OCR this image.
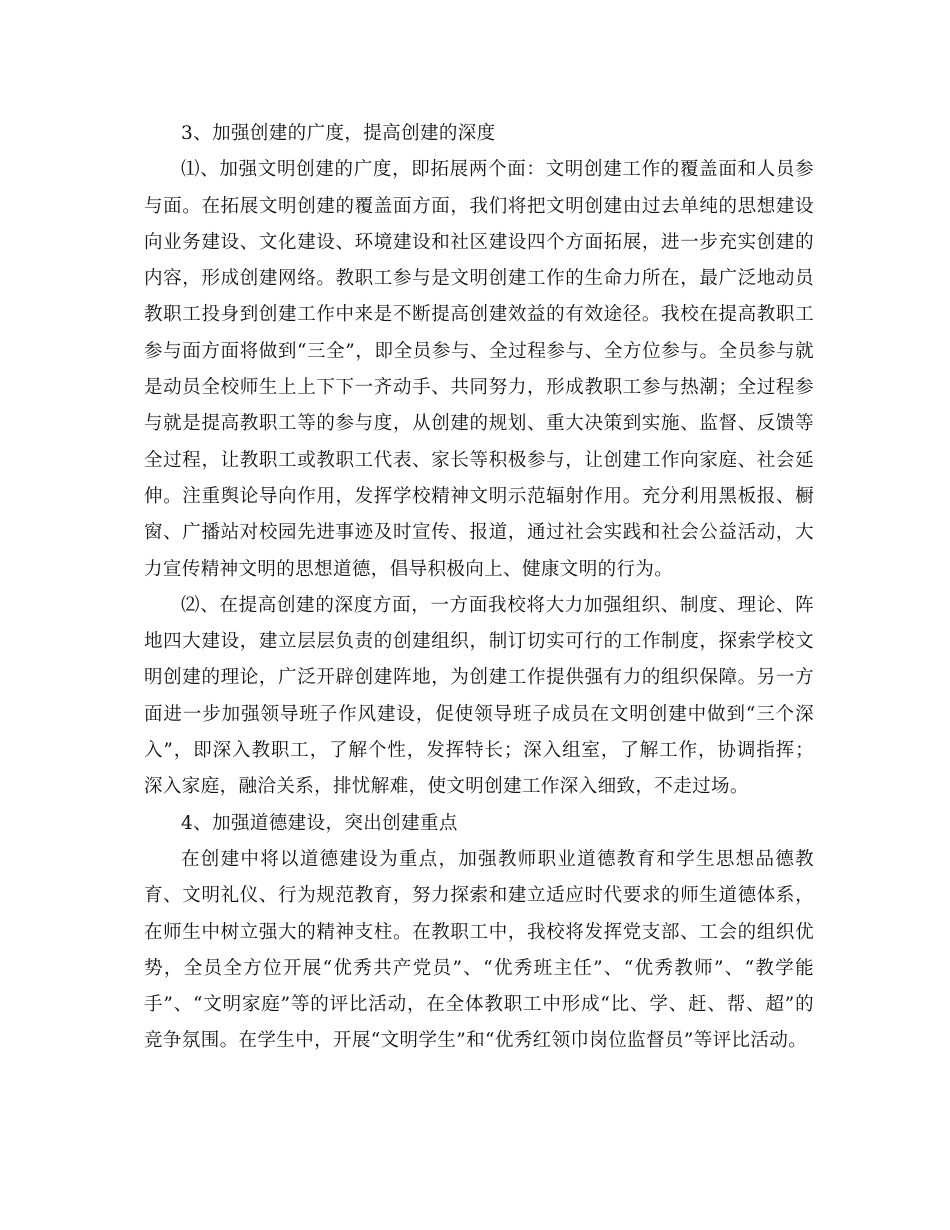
3、加强创建的广度，提高创建的深度

⑴、加强文明创建的广度，即拓展两个面：文明创建工作的覆盖面和人员参与面。在拓展文明创建的覆盖面方面，我们将把文明创建由过去单纯的思想建设向业务建设、文化建设、环境建设和社区建设四个方面拓展，进一步充实创建的内容，形成创建网络。教职工参与是文明创建工作的生命力所在，最广泛地动员教职工投身到创建工作中来是不断提高创建效益的有效途径。我校在提高教职工参与面方面将做到“三全”，即全员参与、全过程参与、全方位参与。全员参与就是动员全校师生上上下下一齐动手、共同努力，形成教职工参与热潮；全过程参与就是提高教职工等的参与度，从创建的规划、重大决策到实施、监督、反馈等全过程，让教职工或教职工代表、家长等积极参与，让创建工作向家庭、社会延伸。注重舆论导向作用，发挥学校精神文明示范辐射作用。充分利用黑板报、橱窗、广播站对校园先进事迹及时宣传、报道，通过社会实践和社会公益活动，大力宣传精神文明的思想道德，倡导积极向上、健康文明的行为。

⑵、在提高创建的深度方面，一方面我校将大力加强组织、制度、理论、阵地四大建设，建立层层负责的创建组织，制订切实可行的工作制度，探索学校文明创建的理论，广泛开辟创建阵地，为创建工作提供强有力的组织保障。另一方面进一步加强领导班子作风建设，促使领导班子成员在文明创建中做到“三个深入”，即深入教职工，了解个性，发挥特长；深入组室，了解工作，协调指挥；深入家庭，融洽关系，排忧解难，使文明创建工作深入细致，不走过场。

4、加强道德建设，突出创建重点

在创建中将以道德建设为重点，加强教师职业道德教育和学生思想品德教育、文明礼仪、行为规范教育，努力探索和建立适应时代要求的师生道德体系，在师生中树立强大的精神支柱。在教职工中，我校将发挥党支部、工会的组织优势，全员全方位开展“优秀共产党员”、“优秀班主任”、“优秀教师”、“教学能手”、“文明家庭”等的评比活动，在全体教职工中形成“比、学、赶、帮、超”的竞争氛围。在学生中，开展“文明学生”和“优秀红领巾岗位监督员”等评比活动。
